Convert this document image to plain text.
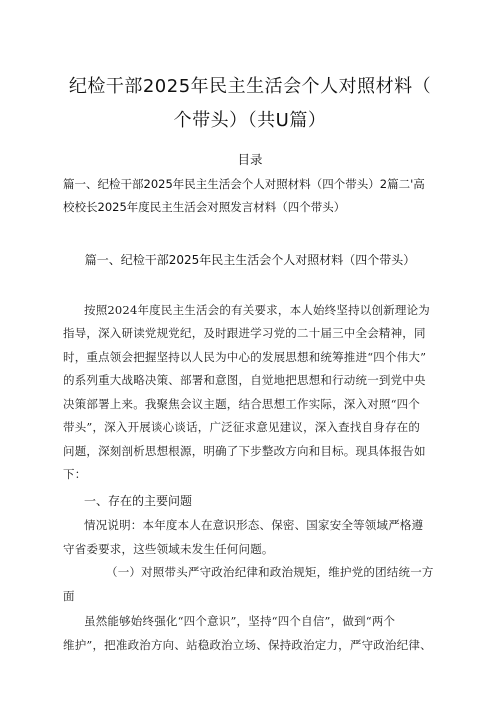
纪检干部2025年民主生活会个人对照材料（
个带头）（共U篇）
目录
篇一、纪检干部2025年民主生活会个人对照材料（四个带头）2篇二'高
校校长2025年度民主生活会对照发言材料（四个带头）
篇一、纪检干部2025年民主生活会个人对照材料（四个带头）
按照2024年度民主生活会的有关要求，本人始终坚持以创新理论为
指导，深入研读党规党纪，及时跟进学习党的二十届三中全会精神，同
时，重点领会把握坚持以人民为中心的发展思想和统筹推进“四个伟大”
的系列重大战略决策、部署和意图，自觉地把思想和行动统一到党中央
决策部署上来。我聚焦会议主题，结合思想工作实际，深入对照“四个
带头”，深入开展谈心谈话，广泛征求意见建议，深入查找自身存在的
问题，深刻剖析思想根源，明确了下步整改方向和目标。现具体报告如
下：
一、存在的主要问题
情况说明：本年度本人在意识形态、保密、国家安全等领域严格遵
守省委要求，这些领域未发生任何问题。
（一）对照带头严守政治纪律和政治规矩，维护党的团结统一方
面
虽然能够始终强化“四个意识”，坚持“四个自信”，做到“两个
维护”，把准政治方向、站稳政治立场、保持政治定力，严守政治纪律、
